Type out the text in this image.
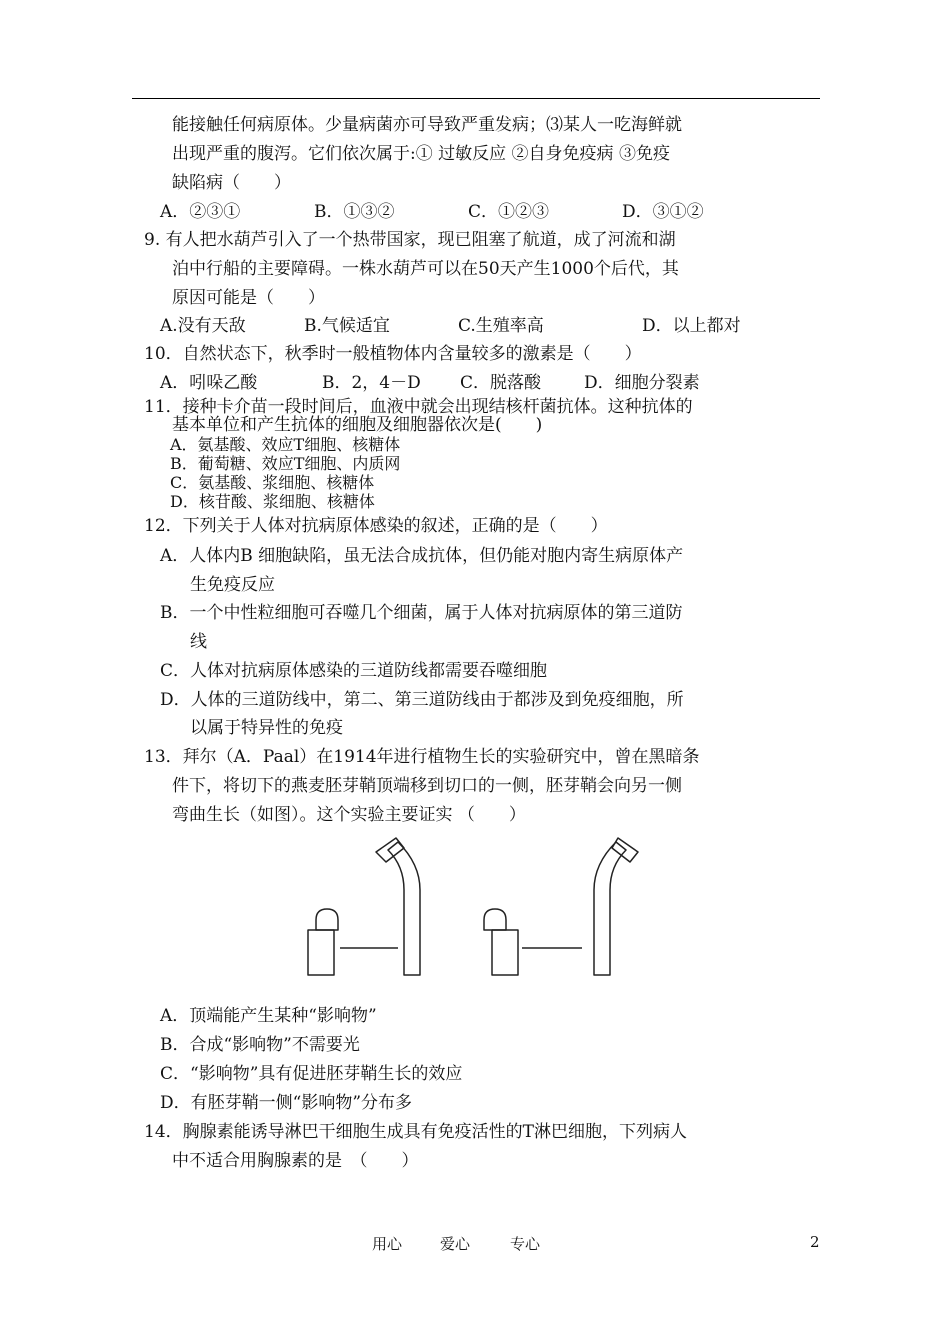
能接触任何病原体。少量病菌亦可导致严重发病；⑶某人一吃海鲜就
出现严重的腹泻。它们依次属于:① 过敏反应 ②自身免疫病 ③免疫
缺陷病（　　）
A．②③①	B．①③②	C．①②③	D．③①②
9. 有人把水葫芦引入了一个热带国家，现已阻塞了航道，成了河流和湖
泊中行船的主要障碍。一株水葫芦可以在50天产生1000个后代，其
原因可能是（　　）
A.没有天敌	B.气候适宜	C.生殖率高	D．以上都对
10．自然状态下，秋季时一般植物体内含量较多的激素是（　　）
A．吲哚乙酸	B．2，4－D C．脱落酸	D．细胞分裂素
11．接种卡介苗一段时间后，血液中就会出现结核杆菌抗体。这种抗体的
基本单位和产生抗体的细胞及细胞器依次是(　　)
A．氨基酸、效应T细胞、核糖体
B．葡萄糖、效应T细胞、内质网
C．氨基酸、浆细胞、核糖体
D．核苷酸、浆细胞、核糖体
12．下列关于人体对抗病原体感染的叙述，正确的是（　　）
A．人体内B 细胞缺陷，虽无法合成抗体，但仍能对胞内寄生病原体产
生免疫反应
B．一个中性粒细胞可吞噬几个细菌，属于人体对抗病原体的第三道防
线
C．人体对抗病原体感染的三道防线都需要吞噬细胞
D．人体的三道防线中，第二、第三道防线由于都涉及到免疫细胞，所
以属于特异性的免疫
13．拜尔（A．Paal）在1914年进行植物生长的实验研究中，曾在黑暗条
件下，将切下的燕麦胚芽鞘顶端移到切口的一侧，胚芽鞘会向另一侧
弯曲生长（如图）。这个实验主要证实 （　　）
A．顶端能产生某种“影响物”
B．合成“影响物”不需要光
C．“影响物”具有促进胚芽鞘生长的效应
D．有胚芽鞘一侧“影响物”分布多
14．胸腺素能诱导淋巴干细胞生成具有免疫活性的T淋巴细胞，下列病人
中不适合用胸腺素的是　（　　）
用心	爱心	专心	2
